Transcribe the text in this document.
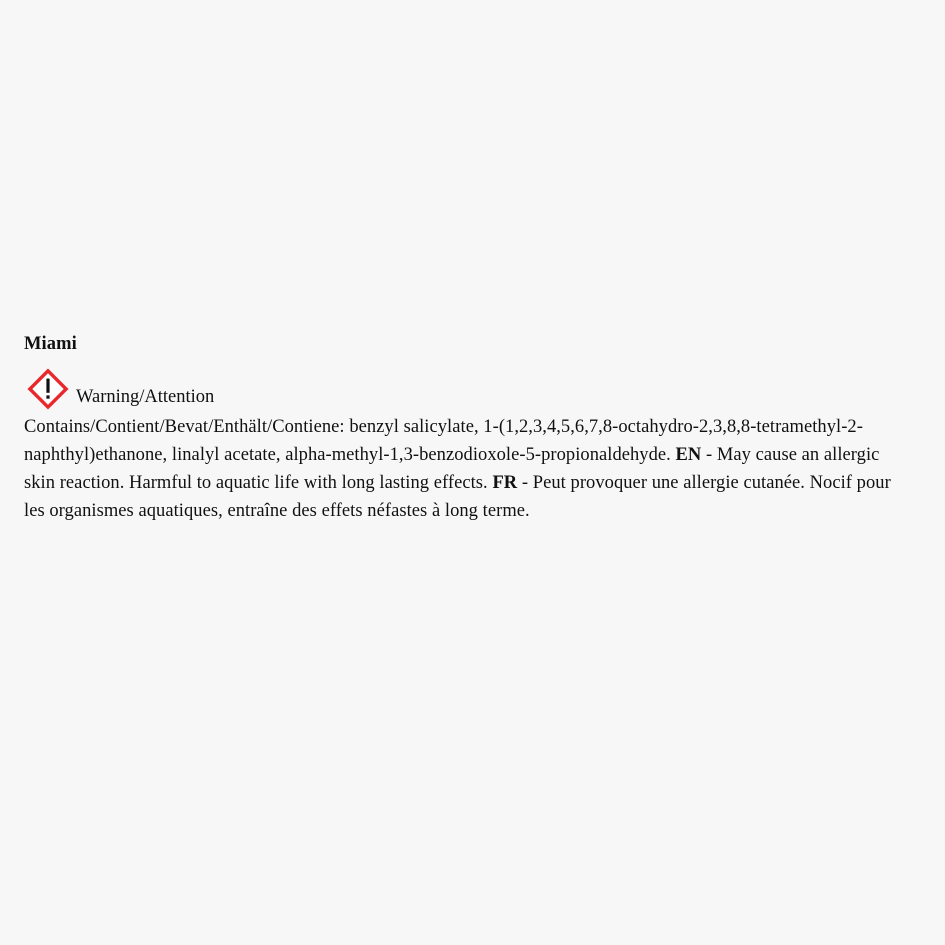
Miami
Warning/Attention

Contains/Contient/Bevat/Enthält/Contiene: benzyl salicylate, 1-(1,2,3,4,5,6,7,8-octahydro-2,3,8,8-tetramethyl-2-naphthyl)ethanone, linalyl acetate, alpha-methyl-1,3-benzodioxole-5-propionaldehyde. EN - May cause an allergic skin reaction. Harmful to aquatic life with long lasting effects. FR - Peut provoquer une allergie cutanée. Nocif pour les organismes aquatiques, entraîne des effets néfastes à long terme.
